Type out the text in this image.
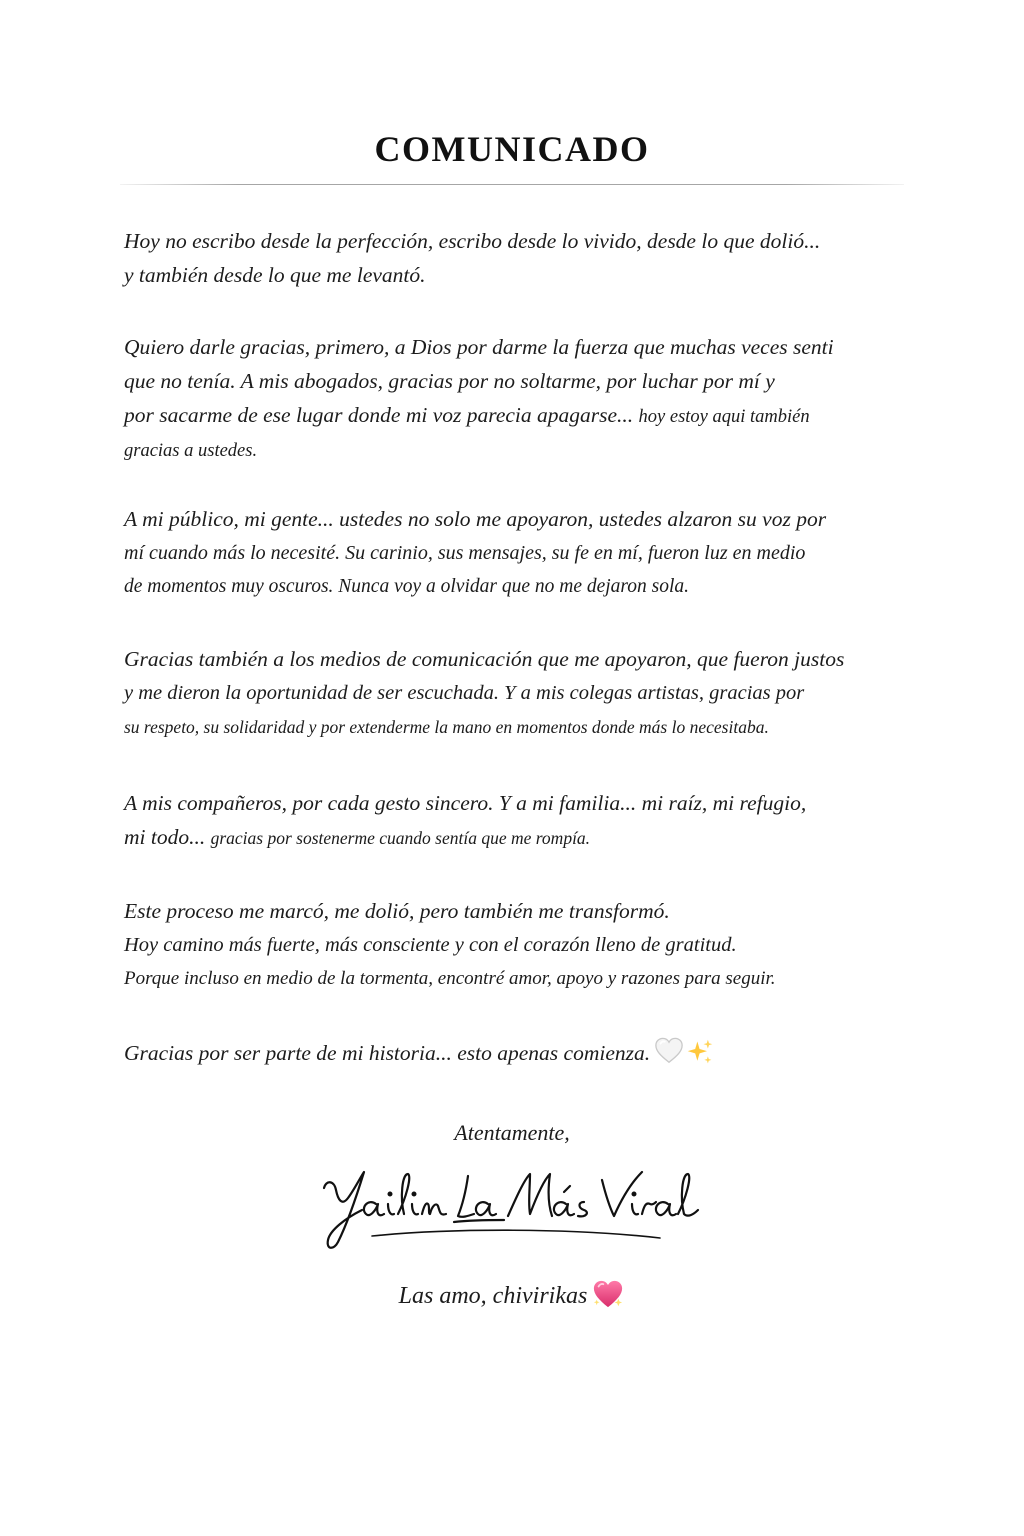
COMUNICADO

Hoy no escribo desde la perfección, escribo desde lo vivido, desde lo que dolió...
y también desde lo que me levantó.

Quiero darle gracias, primero, a Dios por darme la fuerza que muchas veces senti
que no tenía. A mis abogados, gracias por no soltarme, por luchar por mí y
por sacarme de ese lugar donde mi voz parecia apagarse... hoy estoy aqui también
gracias a ustedes.

A mi público, mi gente... ustedes no solo me apoyaron, ustedes alzaron su voz por
mí cuando más lo necesité. Su carinio, sus mensajes, su fe en mí, fueron luz en medio
de momentos muy oscuros. Nunca voy a olvidar que no me dejaron sola.

Gracias también a los medios de comunicación que me apoyaron, que fueron justos
y me dieron la oportunidad de ser escuchada. Y a mis colegas artistas, gracias por
su respeto, su solidaridad y por extenderme la mano en momentos donde más lo necesitaba.

A mis compañeros, por cada gesto sincero. Y a mi familia... mi raíz, mi refugio,
mi todo... gracias por sostenerme cuando sentía que me rompía.

Este proceso me marcó, me dolió, pero también me transformó.
Hoy camino más fuerte, más consciente y con el corazón lleno de gratitud.
Porque incluso en medio de la tormenta, encontré amor, apoyo y razones para seguir.

Gracias por ser parte de mi historia... esto apenas comienza.

Atentamente,
Las amo, chivirikas
